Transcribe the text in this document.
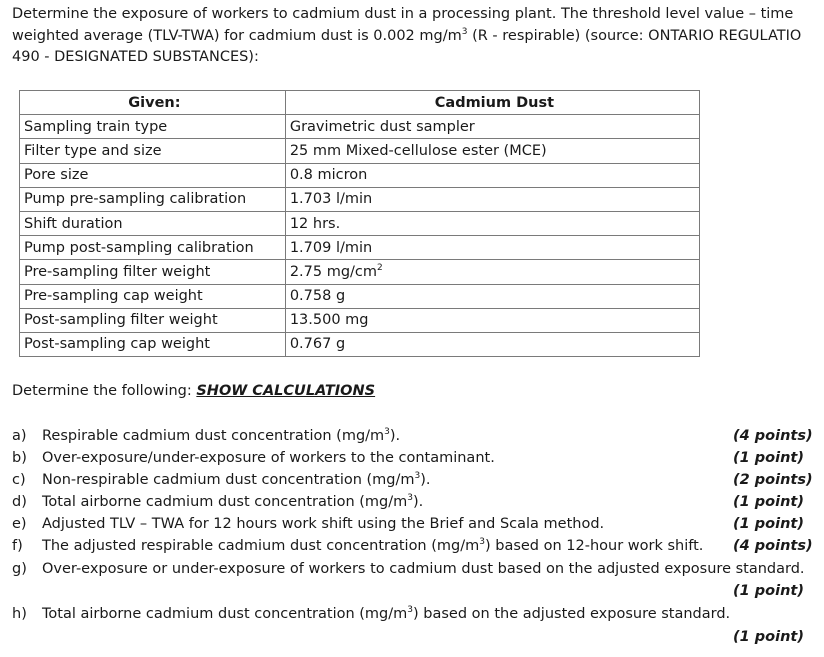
Determine the exposure of workers to cadmium dust in a processing plant. The threshold level value – time
weighted average (TLV-TWA) for cadmium dust is 0.002 $mg/m^3$ (R - respirable) (source: ONTARIO REGULATIO
490 - DESIGNATED SUBSTANCES):
Given:	Cadmium Dust
Sampling train type	Gravimetric dust sampler
Filter type and size	25 mm Mixed-cellulose ester (MCE)
Pore size	0.8 micron
Pump pre-sampling calibration	1.703 l/min
Shift duration	12 hrs.
Pump post-sampling calibration	1.709 l/min
Pre-sampling filter weight	2.75 $mg/cm^2$
Pre-sampling cap weight	0.758 g
Post-sampling filter weight	13.500 mg
Post-sampling cap weight	0.767 g
Determine the following: SHOW CALCULATIONS
a) Respirable cadmium dust concentration $(mg/m^3)$.	(4 points)
b) Over-exposure/under-exposure of workers to the contaminant.	(1 point)
c) Non-respirable cadmium dust concentration $(mg/m^3)$.	(2 points)
d) Total airborne cadmium dust concentration $(mg/m^3)$.	(1 point)
e) Adjusted TLV – TWA for 12 hours work shift using the Brief and Scala method.	(1 point)
f) The adjusted respirable cadmium dust concentration $(mg/m^3)$ based on 12-hour work shift.	(4 points)
g) Over-exposure or under-exposure of workers to cadmium dust based on the adjusted exposure standard.
(1 point)
h) Total airborne cadmium dust concentration $(mg/m^3)$ based on the adjusted exposure standard.
(1 point)
